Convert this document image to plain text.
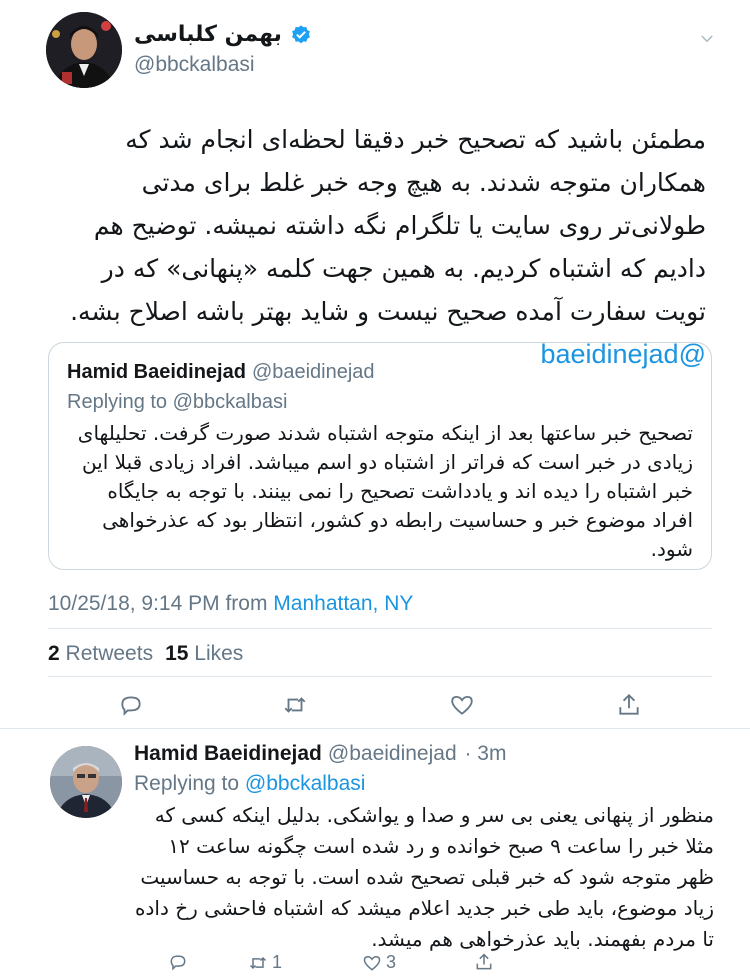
بهمن کلباسی
@bbckalbasi
مطمئن باشید که تصحیح خبر دقیقا لحظه‌ای انجام شد که همکاران متوجه شدند. به هیچ وجه خبر غلط برای مدتی طولانی‌تر روی سایت یا تلگرام نگه داشته نمیشه. توضیح هم دادیم که اشتباه کردیم. به همین جهت کلمه «پنهانی» که در تویت سفارت آمده صحیح نیست و شاید بهتر باشه اصلاح بشه. @baeidinejad
Hamid Baeidinejad @baeidinejad
Replying to @bbckalbasi
تصحیح خبر ساعتها بعد از اینکه متوجه اشتباه شدند صورت گرفت. تحلیلهای زیادی در خبر است که فراتر از اشتباه دو اسم میباشد. افراد زیادی قبلا این خبر اشتباه را دیده اند و یادداشت تصحیح را نمی بینند. با توجه به جایگاه افراد موضوع خبر و حساسیت رابطه دو کشور، انتظار بود که عذرخواهی شود.
10/25/18, 9:14 PM from Manhattan, NY
2 Retweets 15 Likes
Hamid Baeidinejad @baeidinejad · 3m
Replying to @bbckalbasi
منظور از پنهانی یعنی بی سر و صدا و یواشکی. بدلیل اینکه کسی که مثلا خبر را ساعت ۹ صبح خوانده و رد شده است چگونه ساعت ۱۲ ظهر متوجه شود که خبر قبلی تصحیح شده است. با توجه به حساسیت زیاد موضوع، باید طی خبر جدید اعلام میشد که اشتباه فاحشی رخ داده تا مردم بفهمند. باید عذرخواهی هم میشد.
1	3
